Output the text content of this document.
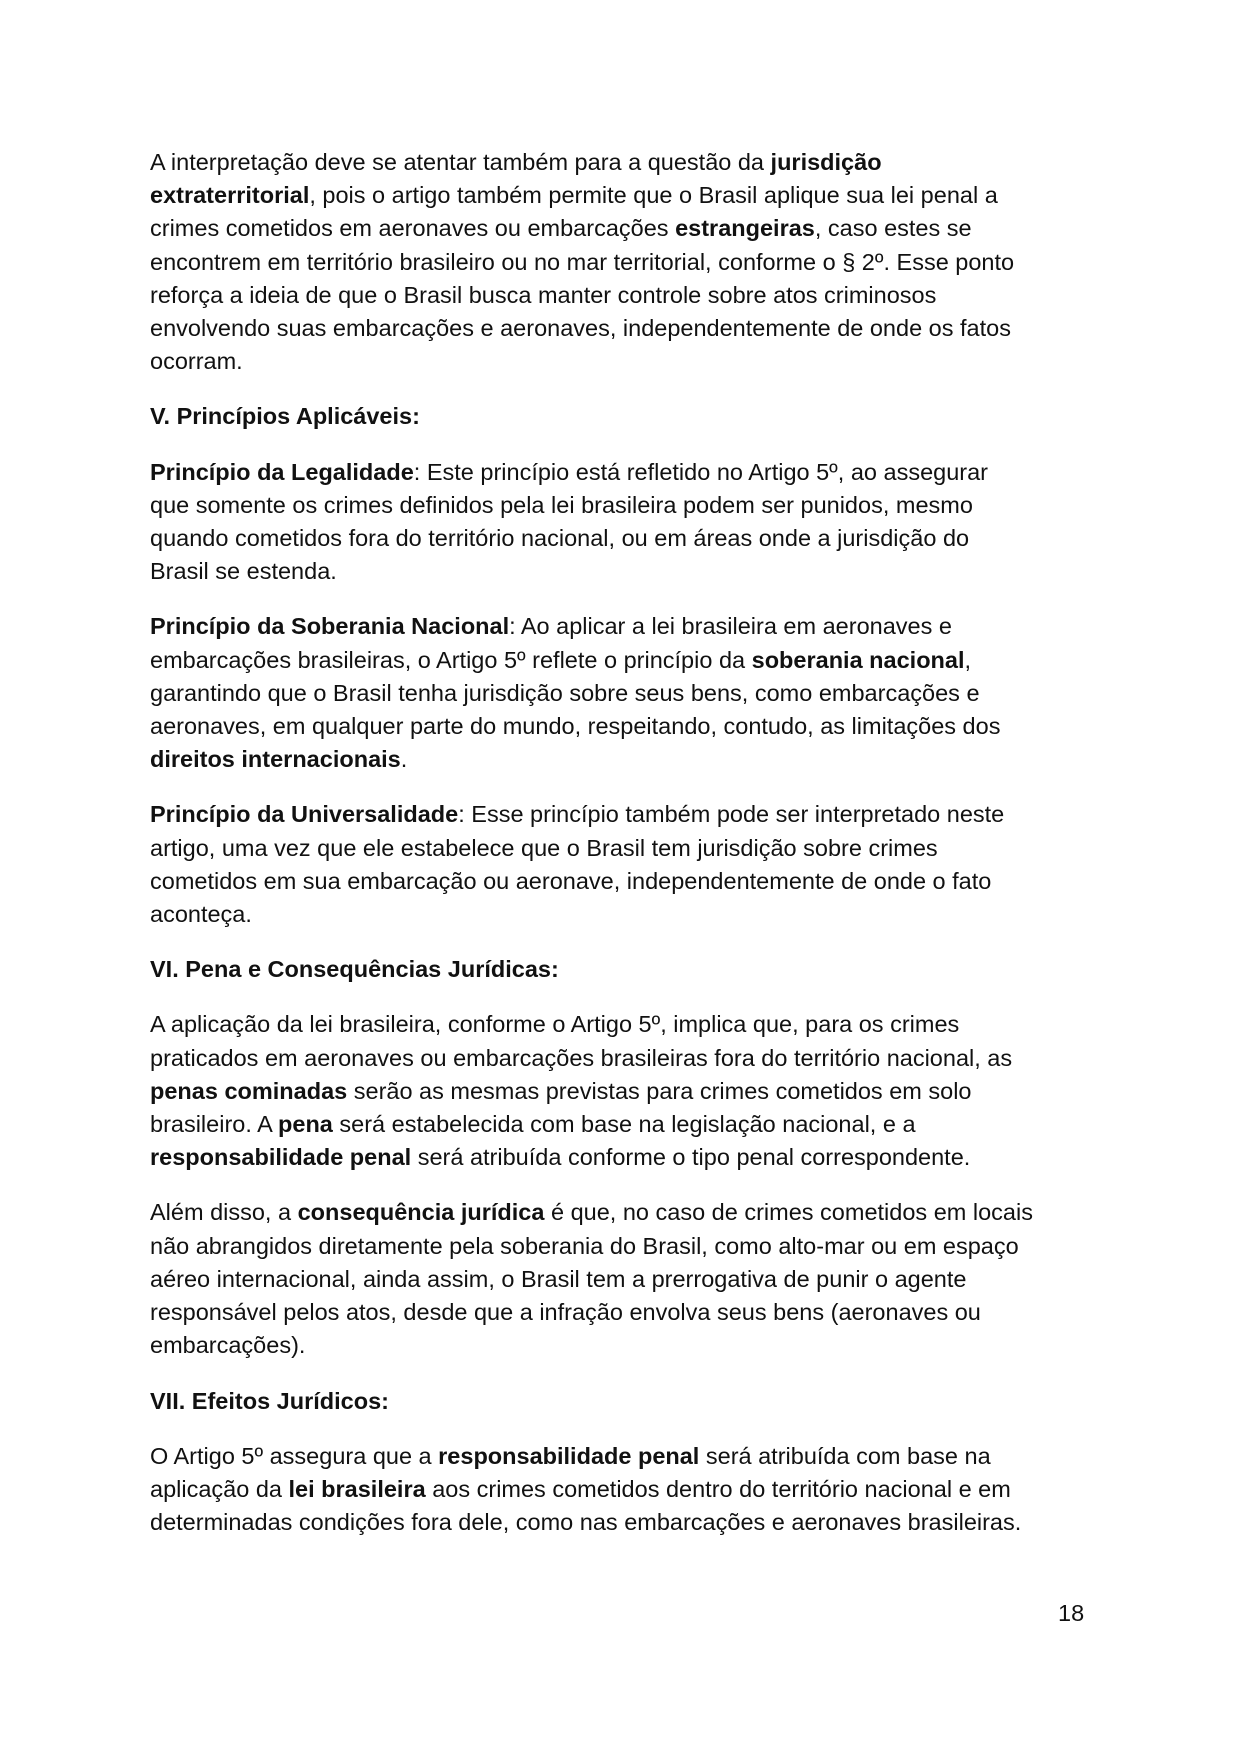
A interpretação deve se atentar também para a questão da jurisdição
extraterritorial, pois o artigo também permite que o Brasil aplique sua lei penal a
crimes cometidos em aeronaves ou embarcações estrangeiras, caso estes se
encontrem em território brasileiro ou no mar territorial, conforme o § 2º. Esse ponto
reforça a ideia de que o Brasil busca manter controle sobre atos criminosos
envolvendo suas embarcações e aeronaves, independentemente de onde os fatos
ocorram.
V. Princípios Aplicáveis:
Princípio da Legalidade: Este princípio está refletido no Artigo 5º, ao assegurar
que somente os crimes definidos pela lei brasileira podem ser punidos, mesmo
quando cometidos fora do território nacional, ou em áreas onde a jurisdição do
Brasil se estenda.
Princípio da Soberania Nacional: Ao aplicar a lei brasileira em aeronaves e
embarcações brasileiras, o Artigo 5º reflete o princípio da soberania nacional,
garantindo que o Brasil tenha jurisdição sobre seus bens, como embarcações e
aeronaves, em qualquer parte do mundo, respeitando, contudo, as limitações dos
direitos internacionais.
Princípio da Universalidade: Esse princípio também pode ser interpretado neste
artigo, uma vez que ele estabelece que o Brasil tem jurisdição sobre crimes
cometidos em sua embarcação ou aeronave, independentemente de onde o fato
aconteça.
VI. Pena e Consequências Jurídicas:
A aplicação da lei brasileira, conforme o Artigo 5º, implica que, para os crimes
praticados em aeronaves ou embarcações brasileiras fora do território nacional, as
penas cominadas serão as mesmas previstas para crimes cometidos em solo
brasileiro. A pena será estabelecida com base na legislação nacional, e a
responsabilidade penal será atribuída conforme o tipo penal correspondente.
Além disso, a consequência jurídica é que, no caso de crimes cometidos em locais
não abrangidos diretamente pela soberania do Brasil, como alto-mar ou em espaço
aéreo internacional, ainda assim, o Brasil tem a prerrogativa de punir o agente
responsável pelos atos, desde que a infração envolva seus bens (aeronaves ou
embarcações).
VII. Efeitos Jurídicos:
O Artigo 5º assegura que a responsabilidade penal será atribuída com base na
aplicação da lei brasileira aos crimes cometidos dentro do território nacional e em
determinadas condições fora dele, como nas embarcações e aeronaves brasileiras.
18
